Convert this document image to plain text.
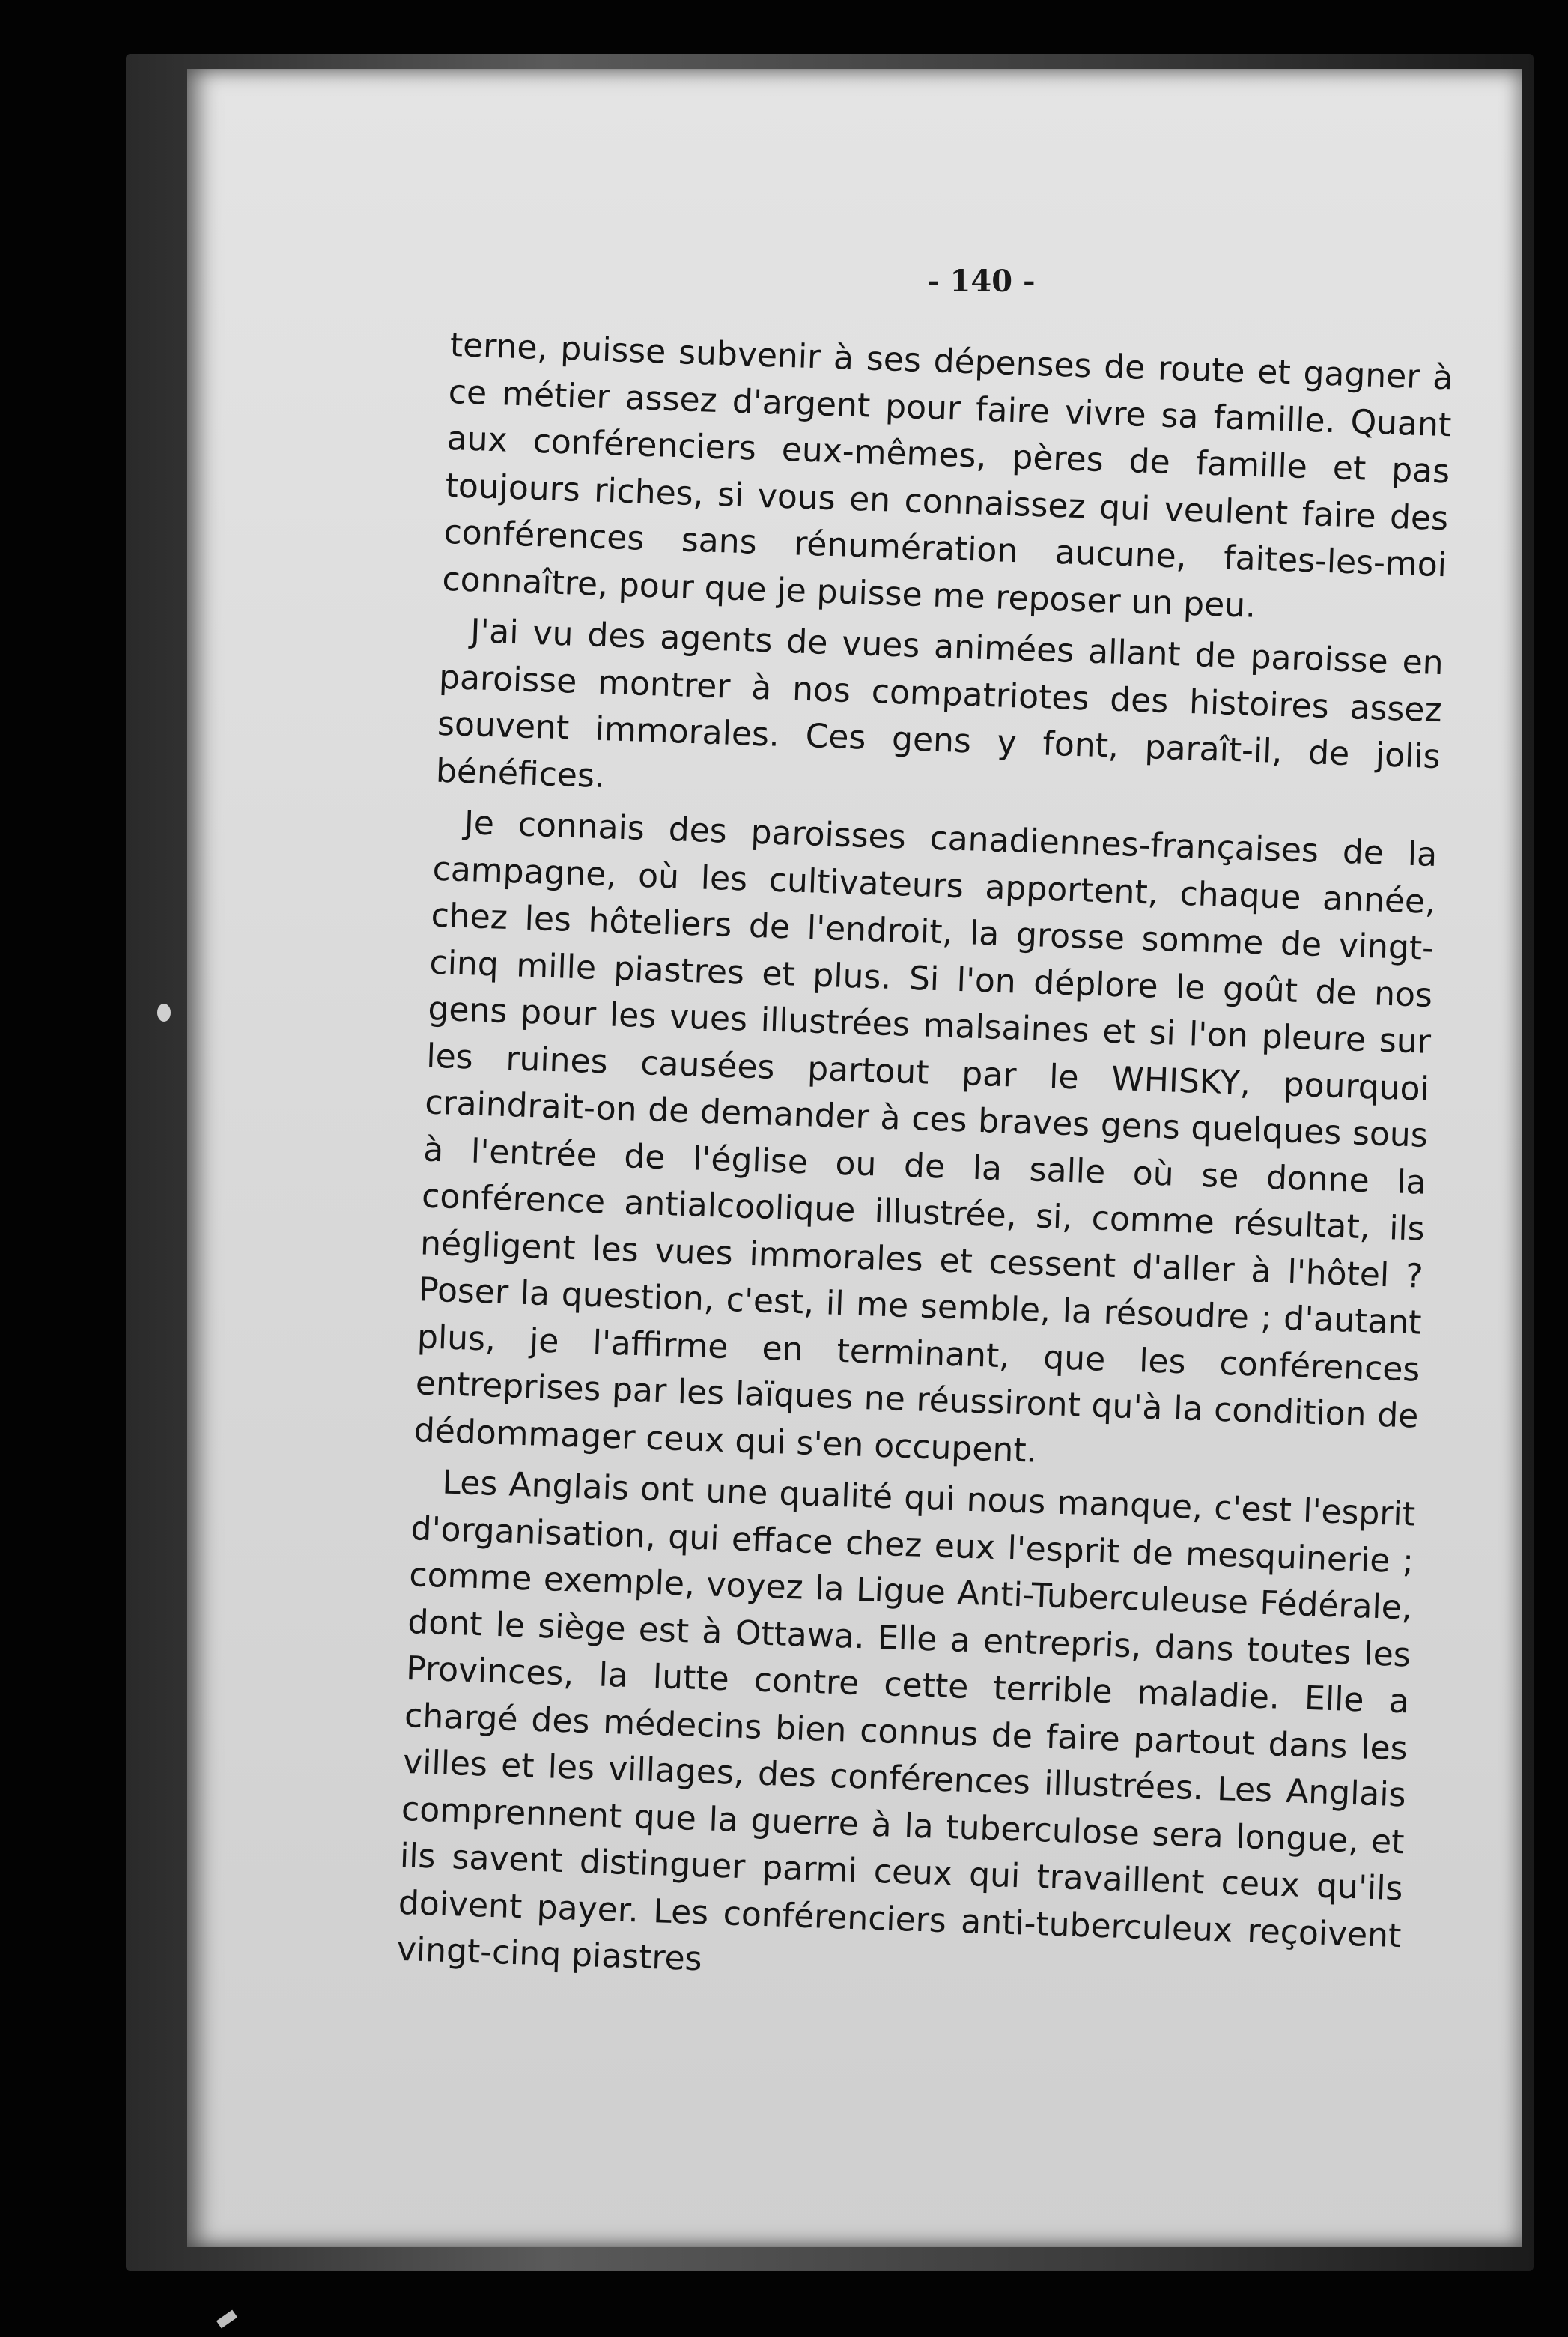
- 140 -

terne, puisse subvenir à ses dépenses de route et gagner à ce métier assez d'argent pour faire vivre sa famille. Quant aux conférenciers eux-mêmes, pères de famille et pas toujours riches, si vous en connaissez qui veulent faire des conférences sans rénumération aucune, faites-les-moi connaître, pour que je puisse me reposer un peu.

J'ai vu des agents de vues animées allant de paroisse en paroisse montrer à nos compatriotes des histoires assez souvent immorales. Ces gens y font, paraît-il, de jolis bénéfices.

Je connais des paroisses canadiennes-françaises de la campagne, où les cultivateurs apportent, chaque année, chez les hôteliers de l'endroit, la grosse somme de vingt-cinq mille piastres et plus. Si l'on déplore le goût de nos gens pour les vues illustrées malsaines et si l'on pleure sur les ruines causées partout par le WHISKY, pourquoi craindrait-on de demander à ces braves gens quelques sous à l'entrée de l'église ou de la salle où se donne la conférence antialcoolique illustrée, si, comme résultat, ils négligent les vues immorales et cessent d'aller à l'hôtel ? Poser la question, c'est, il me semble, la résoudre ; d'autant plus, je l'affirme en terminant, que les conférences entreprises par les laïques ne réussiront qu'à la condition de dédommager ceux qui s'en occupent.

Les Anglais ont une qualité qui nous manque, c'est l'esprit d'organisation, qui efface chez eux l'esprit de mesquinerie ; comme exemple, voyez la Ligue Anti-Tuberculeuse Fédérale, dont le siège est à Ottawa. Elle a entrepris, dans toutes les Provinces, la lutte contre cette terrible maladie. Elle a chargé des médecins bien connus de faire partout dans les villes et les villages, des conférences illustrées. Les Anglais comprennent que la guerre à la tuberculose sera longue, et ils savent distinguer parmi ceux qui travaillent ceux qu'ils doivent payer. Les conférenciers anti-tuberculeux reçoivent vingt-cinq piastres
